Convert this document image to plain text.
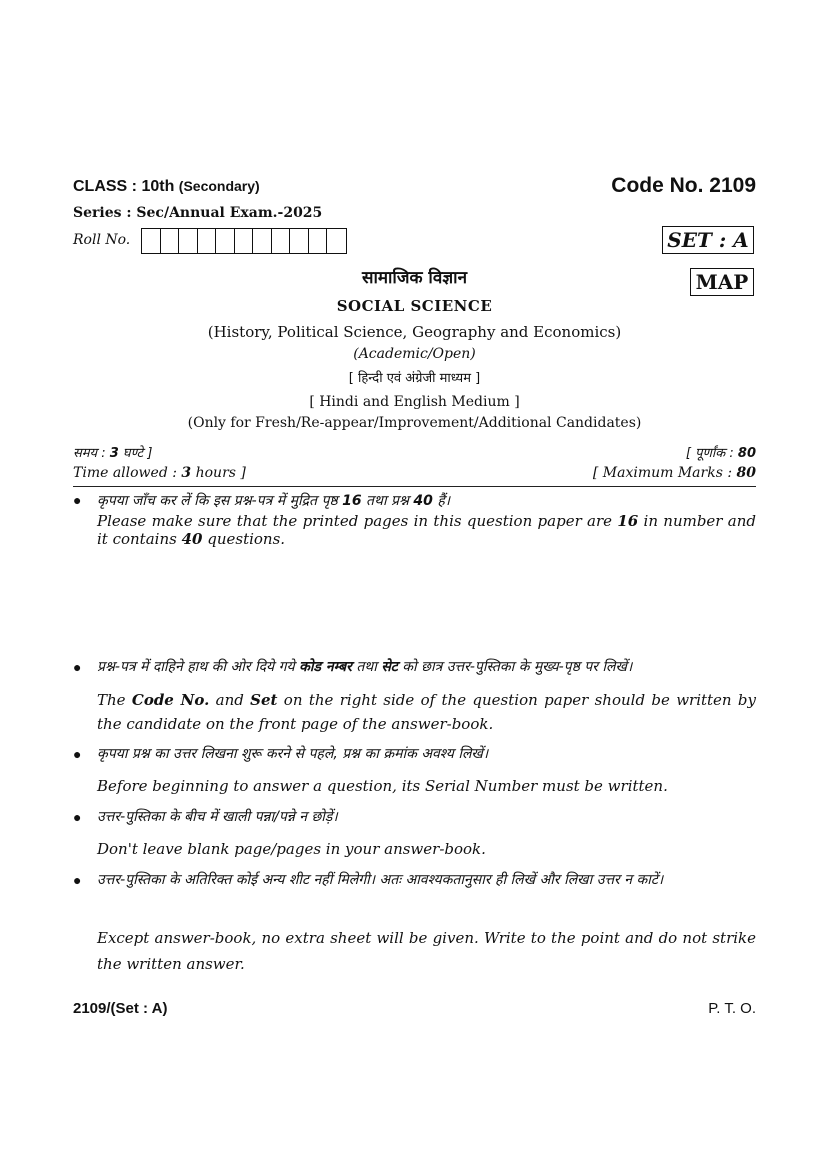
CLASS : 10th (Secondary)	Code No. 2109
Series : Sec/Annual Exam.-2025
Roll No.	SET : A
MAP
सामाजिक विज्ञान
SOCIAL SCIENCE
(History, Political Science, Geography and Economics)
(Academic/Open)
[ हिन्दी एवं अंग्रेजी माध्यम ]
[ Hindi and English Medium ]
(Only for Fresh/Re-appear/Improvement/Additional Candidates)
समय : 3 घण्टे ]	[ पूर्णांक : 80
Time allowed : 3 hours ]	[ Maximum Marks : 80
● कृपया जाँच कर लें कि इस प्रश्न-पत्र में मुद्रित पृष्ठ 16 तथा प्रश्न 40 हैं।
Please make sure that the printed pages in this question paper are 16 in number and it contains 40 questions.
● प्रश्न-पत्र में दाहिने हाथ की ओर दिये गये कोड नम्बर तथा सेट को छात्र उत्तर-पुस्तिका के मुख्य-पृष्ठ पर लिखें।
The Code No. and Set on the right side of the question paper should be written by the candidate on the front page of the answer-book.
● कृपया प्रश्न का उत्तर लिखना शुरू करने से पहले, प्रश्न का क्रमांक अवश्य लिखें।
Before beginning to answer a question, its Serial Number must be written.
● उत्तर-पुस्तिका के बीच में खाली पन्ना/पन्ने न छोड़ें।
Don't leave blank page/pages in your answer-book.
● उत्तर-पुस्तिका के अतिरिक्त कोई अन्य शीट नहीं मिलेगी। अतः आवश्यकतानुसार ही लिखें और लिखा उत्तर न काटें।
Except answer-book, no extra sheet will be given. Write to the point and do not strike the written answer.
2109/(Set : A)	P. T. O.
